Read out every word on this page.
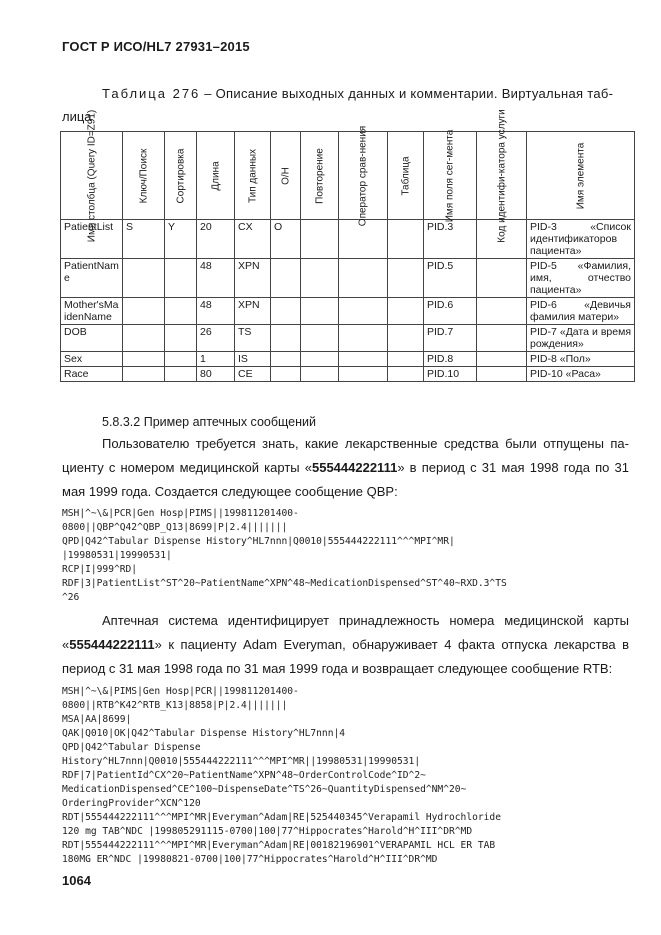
ГОСТ Р ИСО/HL7 27931–2015
Таблица 276 – Описание выходных данных и комментарии. Виртуальная таб-
лица
Имя столбца (Query ID=Z91)	Ключ/Поиск	Сортировка	Длина	Тип данных	О/Н	Повторение	Оператор срав-нения	Таблица	Имя поля сег-мента	Код идентифи-катора услуги	Имя элемента

PatientList	S	Y	20	CX	O				PID.3		PID-3 «Список идентификаторов пациента»
PatientName			48	XPN					PID.5		PID-5 «Фамилия, имя, отчество пациента»
Mother'sMaidenName			48	XPN					PID.6		PID-6 «Девичья фамилия матери»
DOB			26	TS					PID.7		PID-7 «Дата и время рождения»
Sex			1	IS					PID.8		PID-8 «Пол»
Race			80	CE					PID.10		PID-10 «Раса»
5.8.3.2 Пример аптечных сообщений
Пользователю требуется знать, какие лекарственные средства были отпущены па-циенту с номером медицинской карты «555444222111» в период с 31 мая 1998 года по 31 мая 1999 года. Создается следующее сообщение QBP:
MSH|^~\&|PCR|Gen Hosp|PIMS||199811201400-
0800||QBP^Q42^QBP_Q13|8699|P|2.4|||||||
QPD|Q42^Tabular Dispense History^HL7nnn|Q0010|555444222111^^^MPI^MR|
|19980531|19990531|
RCP|I|999^RD|
RDF|3|PatientList^ST^20~PatientName^XPN^48~MedicationDispensed^ST^40~RXD.3^TS
^26
Аптечная система идентифицирует принадлежность номера медицинской карты «555444222111» к пациенту Adam Everyman, обнаруживает 4 факта отпуска лекарства в период с 31 мая 1998 года по 31 мая 1999 года и возвращает следующее сообщение RTB:
MSH|^~\&|PIMS|Gen Hosp|PCR||199811201400-
0800||RTB^K42^RTB_K13|8858|P|2.4|||||||
MSA|AA|8699|
QAK|Q010|OK|Q42^Tabular Dispense History^HL7nnn|4
QPD|Q42^Tabular Dispense
History^HL7nnn|Q0010|555444222111^^^MPI^MR||19980531|19990531|
RDF|7|PatientId^CX^20~PatientName^XPN^48~OrderControlCode^ID^2~
MedicationDispensed^CE^100~DispenseDate^TS^26~QuantityDispensed^NM^20~
OrderingProvider^XCN^120
RDT|555444222111^^^MPI^MR|Everyman^Adam|RE|525440345^Verapamil Hydrochloride
120 mg TAB^NDC |199805291115-0700|100|77^Hippocrates^Harold^H^III^DR^MD
RDT|555444222111^^^MPI^MR|Everyman^Adam|RE|00182196901^VERAPAMIL HCL ER TAB
180MG ER^NDC |19980821-0700|100|77^Hippocrates^Harold^H^III^DR^MD
1064
